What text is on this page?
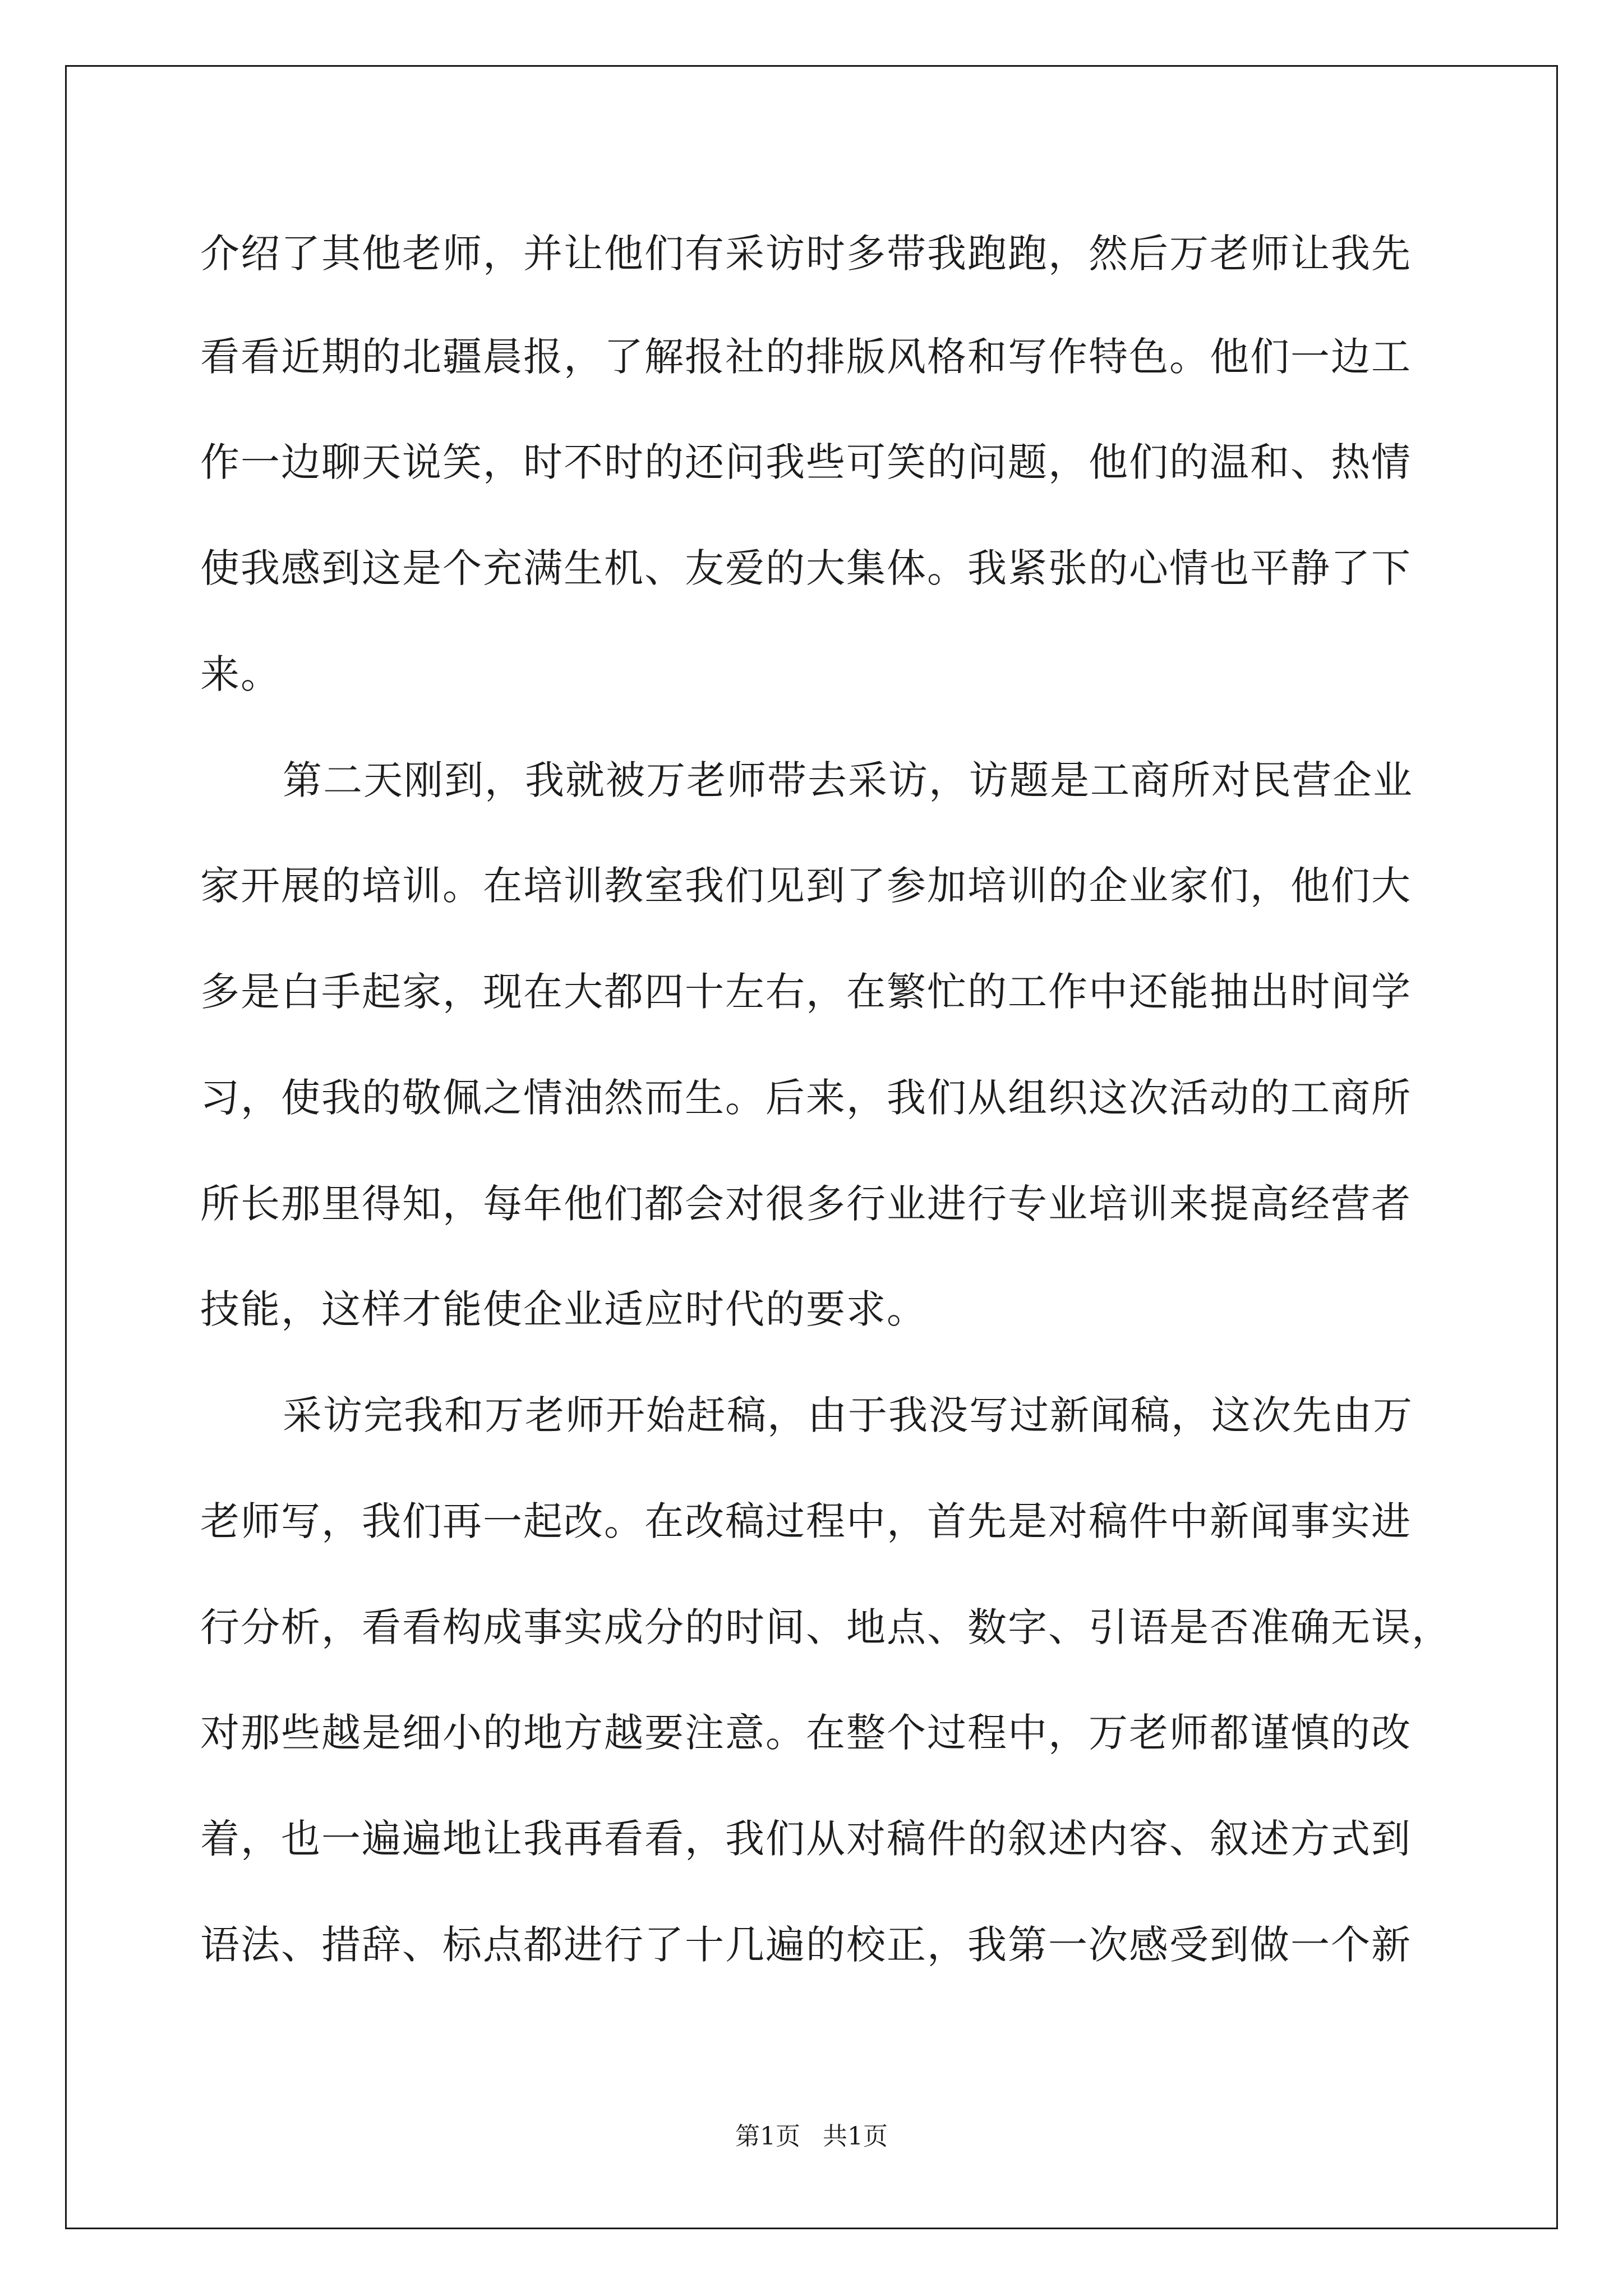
介绍了其他老师，并让他们有采访时多带我跑跑，然后万老师让我先
看看近期的北疆晨报，了解报社的排版风格和写作特色。他们一边工
作一边聊天说笑，时不时的还问我些可笑的问题，他们的温和、热情
使我感到这是个充满生机、友爱的大集体。我紧张的心情也平静了下
来。
第二天刚到，我就被万老师带去采访，访题是工商所对民营企业
家开展的培训。在培训教室我们见到了参加培训的企业家们，他们大
多是白手起家，现在大都四十左右，在繁忙的工作中还能抽出时间学
习，使我的敬佩之情油然而生。后来，我们从组织这次活动的工商所
所长那里得知，每年他们都会对很多行业进行专业培训来提高经营者
技能，这样才能使企业适应时代的要求。
采访完我和万老师开始赶稿，由于我没写过新闻稿，这次先由万
老师写，我们再一起改。在改稿过程中，首先是对稿件中新闻事实进
行分析，看看构成事实成分的时间、地点、数字、引语是否准确无误，
对那些越是细小的地方越要注意。在整个过程中，万老师都谨慎的改
着，也一遍遍地让我再看看，我们从对稿件的叙述内容、叙述方式到
语法、措辞、标点都进行了十几遍的校正，我第一次感受到做一个新
第1页 共1页
